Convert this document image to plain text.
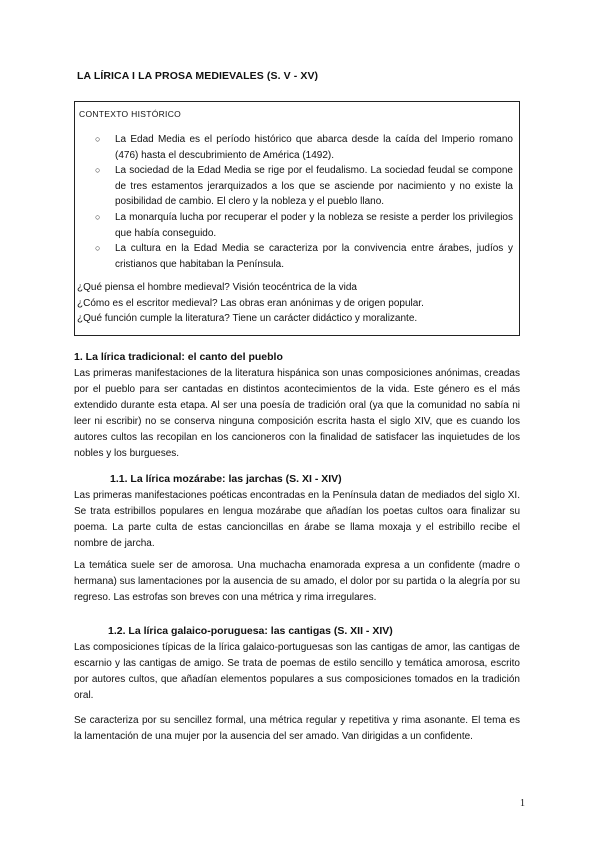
LA LÍRICA I LA PROSA MEDIEVALES (S. V - XV)
CONTEXTO HISTÓRICO
○ La Edad Media es el período histórico que abarca desde la caída del Imperio romano (476) hasta el descubrimiento de América (1492).
○ La sociedad de la Edad Media se rige por el feudalismo. La sociedad feudal se compone de tres estamentos jerarquizados a los que se asciende por nacimiento y no existe la posibilidad de cambio. El clero y la nobleza y el pueblo llano.
○ La monarquía lucha por recuperar el poder y la nobleza se resiste a perder los privilegios que había conseguido.
○ La cultura en la Edad Media se caracteriza por la convivencia entre árabes, judíos y cristianos que habitaban la Península.

¿Qué piensa el hombre medieval? Visión teocéntrica de la vida

¿Cómo es el escritor medieval? Las obras eran anónimas y de origen popular.

¿Qué función cumple la literatura? Tiene un carácter didáctico y moralizante.

1. La lírica tradicional: el canto del pueblo

Las primeras manifestaciones de la literatura hispánica son unas composiciones anónimas, creadas por el pueblo para ser cantadas en distintos acontecimientos de la vida. Este género es el más extendido durante esta etapa. Al ser una poesía de tradición oral (ya que la comunidad no sabía ni leer ni escribir) no se conserva ninguna composición escrita hasta el siglo XIV, que es cuando los autores cultos las recopilan en los cancioneros con la finalidad de satisfacer las inquietudes de los nobles y los burgueses.

1.1. La lírica mozárabe: las jarchas (S. XI - XIV)

Las primeras manifestaciones poéticas encontradas en la Península datan de mediados del siglo XI. Se trata estribillos populares en lengua mozárabe que añadían los poetas cultos oara finalizar su poema. La parte culta de estas cancioncillas en árabe se llama moxaja y el estribillo recibe el nombre de jarcha.

La temática suele ser de amorosa. Una muchacha enamorada expresa a un confidente (madre o hermana) sus lamentaciones por la ausencia de su amado, el dolor por su partida o la alegría por su regreso. Las estrofas son breves con una métrica y rima irregulares.

1.2. La lírica galaico-poruguesa: las cantigas (S. XII - XIV)

Las composiciones típicas de la lírica galaico-portuguesas son las cantigas de amor, las cantigas de escarnio y las cantigas de amigo. Se trata de poemas de estilo sencillo y temática amorosa, escrito por autores cultos, que añadían elementos populares a sus composiciones tomados en la tradición oral.

Se caracteriza por su sencillez formal, una métrica regular y repetitiva y rima asonante. El tema es la lamentación de una mujer por la ausencia del ser amado. Van dirigidas a un confidente.

1
